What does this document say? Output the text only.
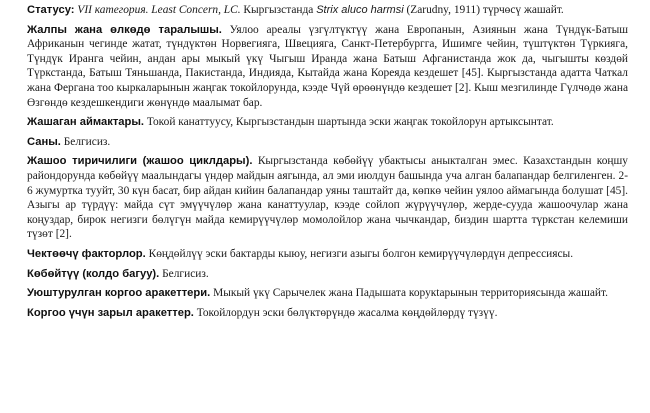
Статусу: VII категория. Least Concern, LC. Кыргызстанда Strix aluco harmsi (Zarudny, 1911) түрчөсү жашайт.

Жалпы жана өлкөдө таралышы. Уялоо ареалы үзгүлтүктүү жана Европанын, Азиянын жана Түндүк-Батыш Африканын чегинде жатат, түндүктөн Норвегияга, Швецияга, Санкт-Петербургга, Ишимге чейин, түштүктөн Түркияга, Түндүк Иранга чейин, андан ары мыкый үкү Чыгыш Иранда жана Батыш Афганистанда жок да, чыгышты көздөй Түркстанда, Батыш Тяньшанда, Пакистанда, Индияда, Кытайда жана Кореяда кездешет [45]. Кыргызстанда адатта Чаткал жана Фергана тоо кыркаларынын жаңгак токойлорунда, кээде Чүй өрөөнүндө кездешет [2]. Кыш мезгилинде Гүлчөдө жана Өзгөндө кездешкендиги жөнүндө маалымат бар.

Жашаган аймактары. Токой канаттуусу, Кыргызстандын шартында эски жаңгак токойлорун артыксынтат.

Саны. Белгисиз.

Жашоо тиричилиги (жашоо циклдары). Кыргызстанда көбөйүү убактысы аныкталган эмес. Казахстандын коңшу райондорунда көбөйүү маалындагы үндөр майдын аягында, ал эми июлдун башында уча алган балапандар белгиленген. 2-6 жумуртка тууйт, 30 күн басат, бир айдан кийин балапандар уяны таштайт да, көпкө чейин уялоо аймагында болушат [45]. Азыгы ар түрдүү: майда сүт эмүүчүлөр жана канаттуулар, кээде сойлоп жүрүүчүлөр, жерде-сууда жашоочулар жана коңуздар, бирок негизги бөлүгүн майда кемирүүчүлөр момолойлор жана чычкандар, биздин шартта түркстан келемиши түзөт [2].

Чектөөчү факторлор. Көңдөйлүү эски бактарды кыюу, негизги азыгы болгон кемирүүчүлөрдүн депрессиясы.

Көбөйтүү (колдо багуу). Белгисиз.

Уюштурулган коргоо аракеттери. Мыкый үкү Сарычелек жана Падышата корукtарынын территориясында жашайт.

Коргоо үчүн зарыл аракеттер. Токойлордун эски бөлүктөрүндө жасалма көңдөйлөрдү түзүү.
